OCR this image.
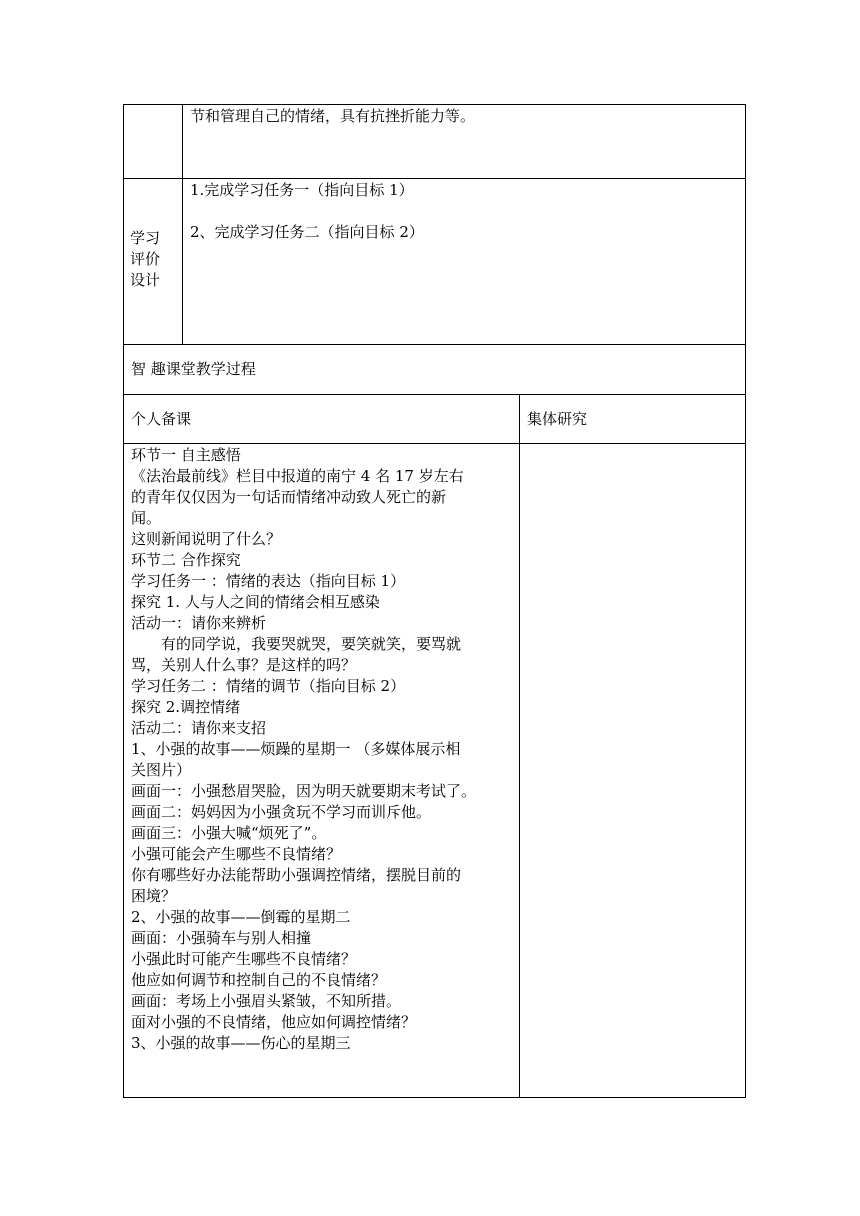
节和管理自己的情绪，具有抗挫折能力等。
学习
评价
设计
1.完成学习任务一（指向目标 1）
2、完成学习任务二（指向目标 2）
智 趣课堂教学过程
个人备课	集体研究
环节一 自主感悟
《法治最前线》栏目中报道的南宁 4 名 17 岁左右
的青年仅仅因为一句话而情绪冲动致人死亡的新
闻。
这则新闻说明了什么？
环节二 合作探究
学习任务一 ：情绪的表达（指向目标 1）
探究 1. 人与人之间的情绪会相互感染
活动一：请你来辨析
有的同学说，我要哭就哭，要笑就笑，要骂就
骂，关别人什么事？是这样的吗？
学习任务二 ：情绪的调节（指向目标 2）
探究 2.调控情绪
活动二：请你来支招
1、小强的故事——烦躁的星期一 （多媒体展示相
关图片）
画面一：小强愁眉哭脸，因为明天就要期末考试了。
画面二：妈妈因为小强贪玩不学习而训斥他。
画面三：小强大喊“烦死了”。
小强可能会产生哪些不良情绪？
你有哪些好办法能帮助小强调控情绪，摆脱目前的
困境？
2、小强的故事——倒霉的星期二
画面：小强骑车与别人相撞
小强此时可能产生哪些不良情绪？
他应如何调节和控制自己的不良情绪？
画面：考场上小强眉头紧皱，不知所措。
面对小强的不良情绪，他应如何调控情绪？
3、小强的故事——伤心的星期三
